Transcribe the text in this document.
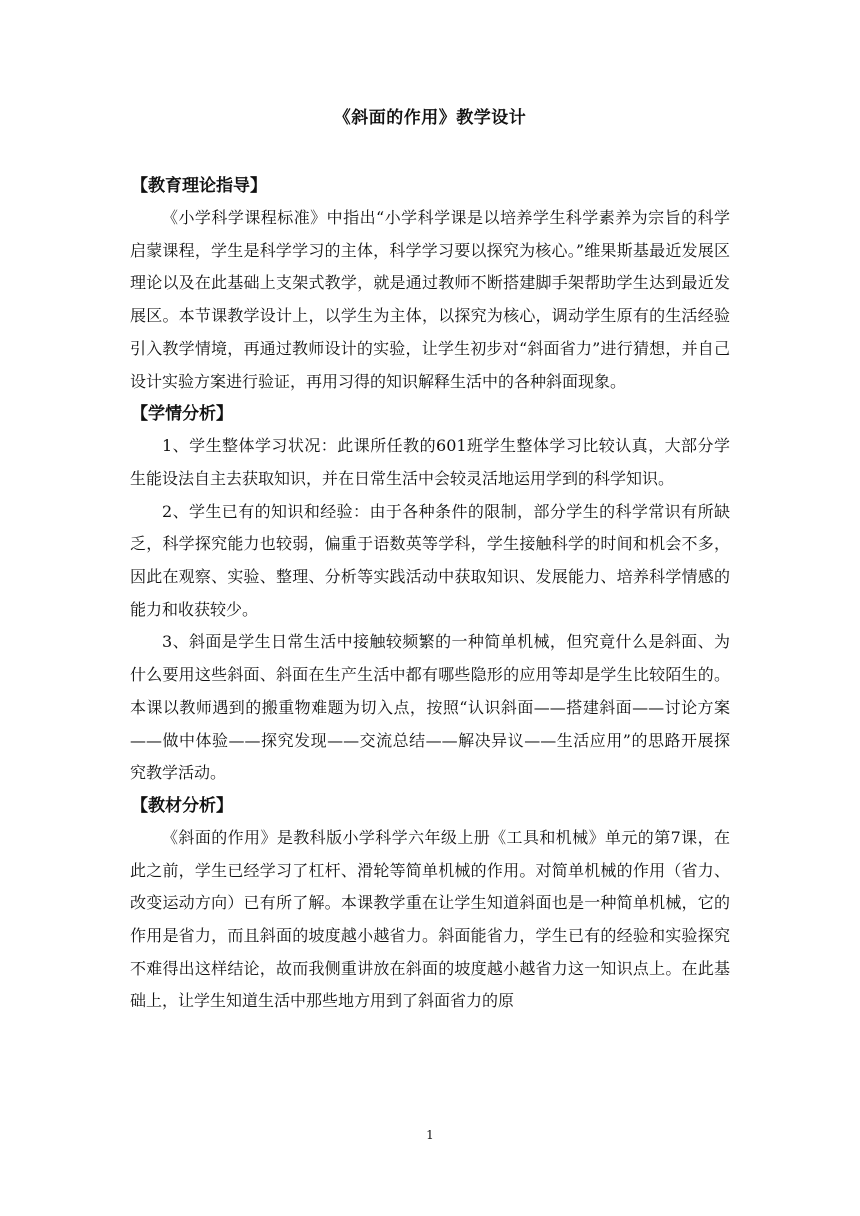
《斜面的作用》教学设计
【教育理论指导】

《小学科学课程标准》中指出“小学科学课是以培养学生科学素养为宗旨的科学启蒙课程，学生是科学学习的主体，科学学习要以探究为核心。”维果斯基最近发展区理论以及在此基础上支架式教学，就是通过教师不断搭建脚手架帮助学生达到最近发展区。本节课教学设计上，以学生为主体，以探究为核心，调动学生原有的生活经验引入教学情境，再通过教师设计的实验，让学生初步对“斜面省力”进行猜想，并自己设计实验方案进行验证，再用习得的知识解释生活中的各种斜面现象。

【学情分析】

1、学生整体学习状况：此课所任教的601班学生整体学习比较认真，大部分学生能设法自主去获取知识，并在日常生活中会较灵活地运用学到的科学知识。

2、学生已有的知识和经验：由于各种条件的限制，部分学生的科学常识有所缺乏，科学探究能力也较弱，偏重于语数英等学科，学生接触科学的时间和机会不多，因此在观察、实验、整理、分析等实践活动中获取知识、发展能力、培养科学情感的能力和收获较少。

3、斜面是学生日常生活中接触较频繁的一种简单机械，但究竟什么是斜面、为什么要用这些斜面、斜面在生产生活中都有哪些隐形的应用等却是学生比较陌生的。本课以教师遇到的搬重物难题为切入点，按照“认识斜面——搭建斜面——讨论方案——做中体验——探究发现——交流总结——解决异议——生活应用”的思路开展探究教学活动。

【教材分析】

《斜面的作用》是教科版小学科学六年级上册《工具和机械》单元的第7课，在此之前，学生已经学习了杠杆、滑轮等简单机械的作用。对简单机械的作用（省力、改变运动方向）已有所了解。本课教学重在让学生知道斜面也是一种简单机械，它的作用是省力，而且斜面的坡度越小越省力。斜面能省力，学生已有的经验和实验探究不难得出这样结论，故而我侧重讲放在斜面的坡度越小越省力这一知识点上。在此基础上，让学生知道生活中那些地方用到了斜面省力的原

1
